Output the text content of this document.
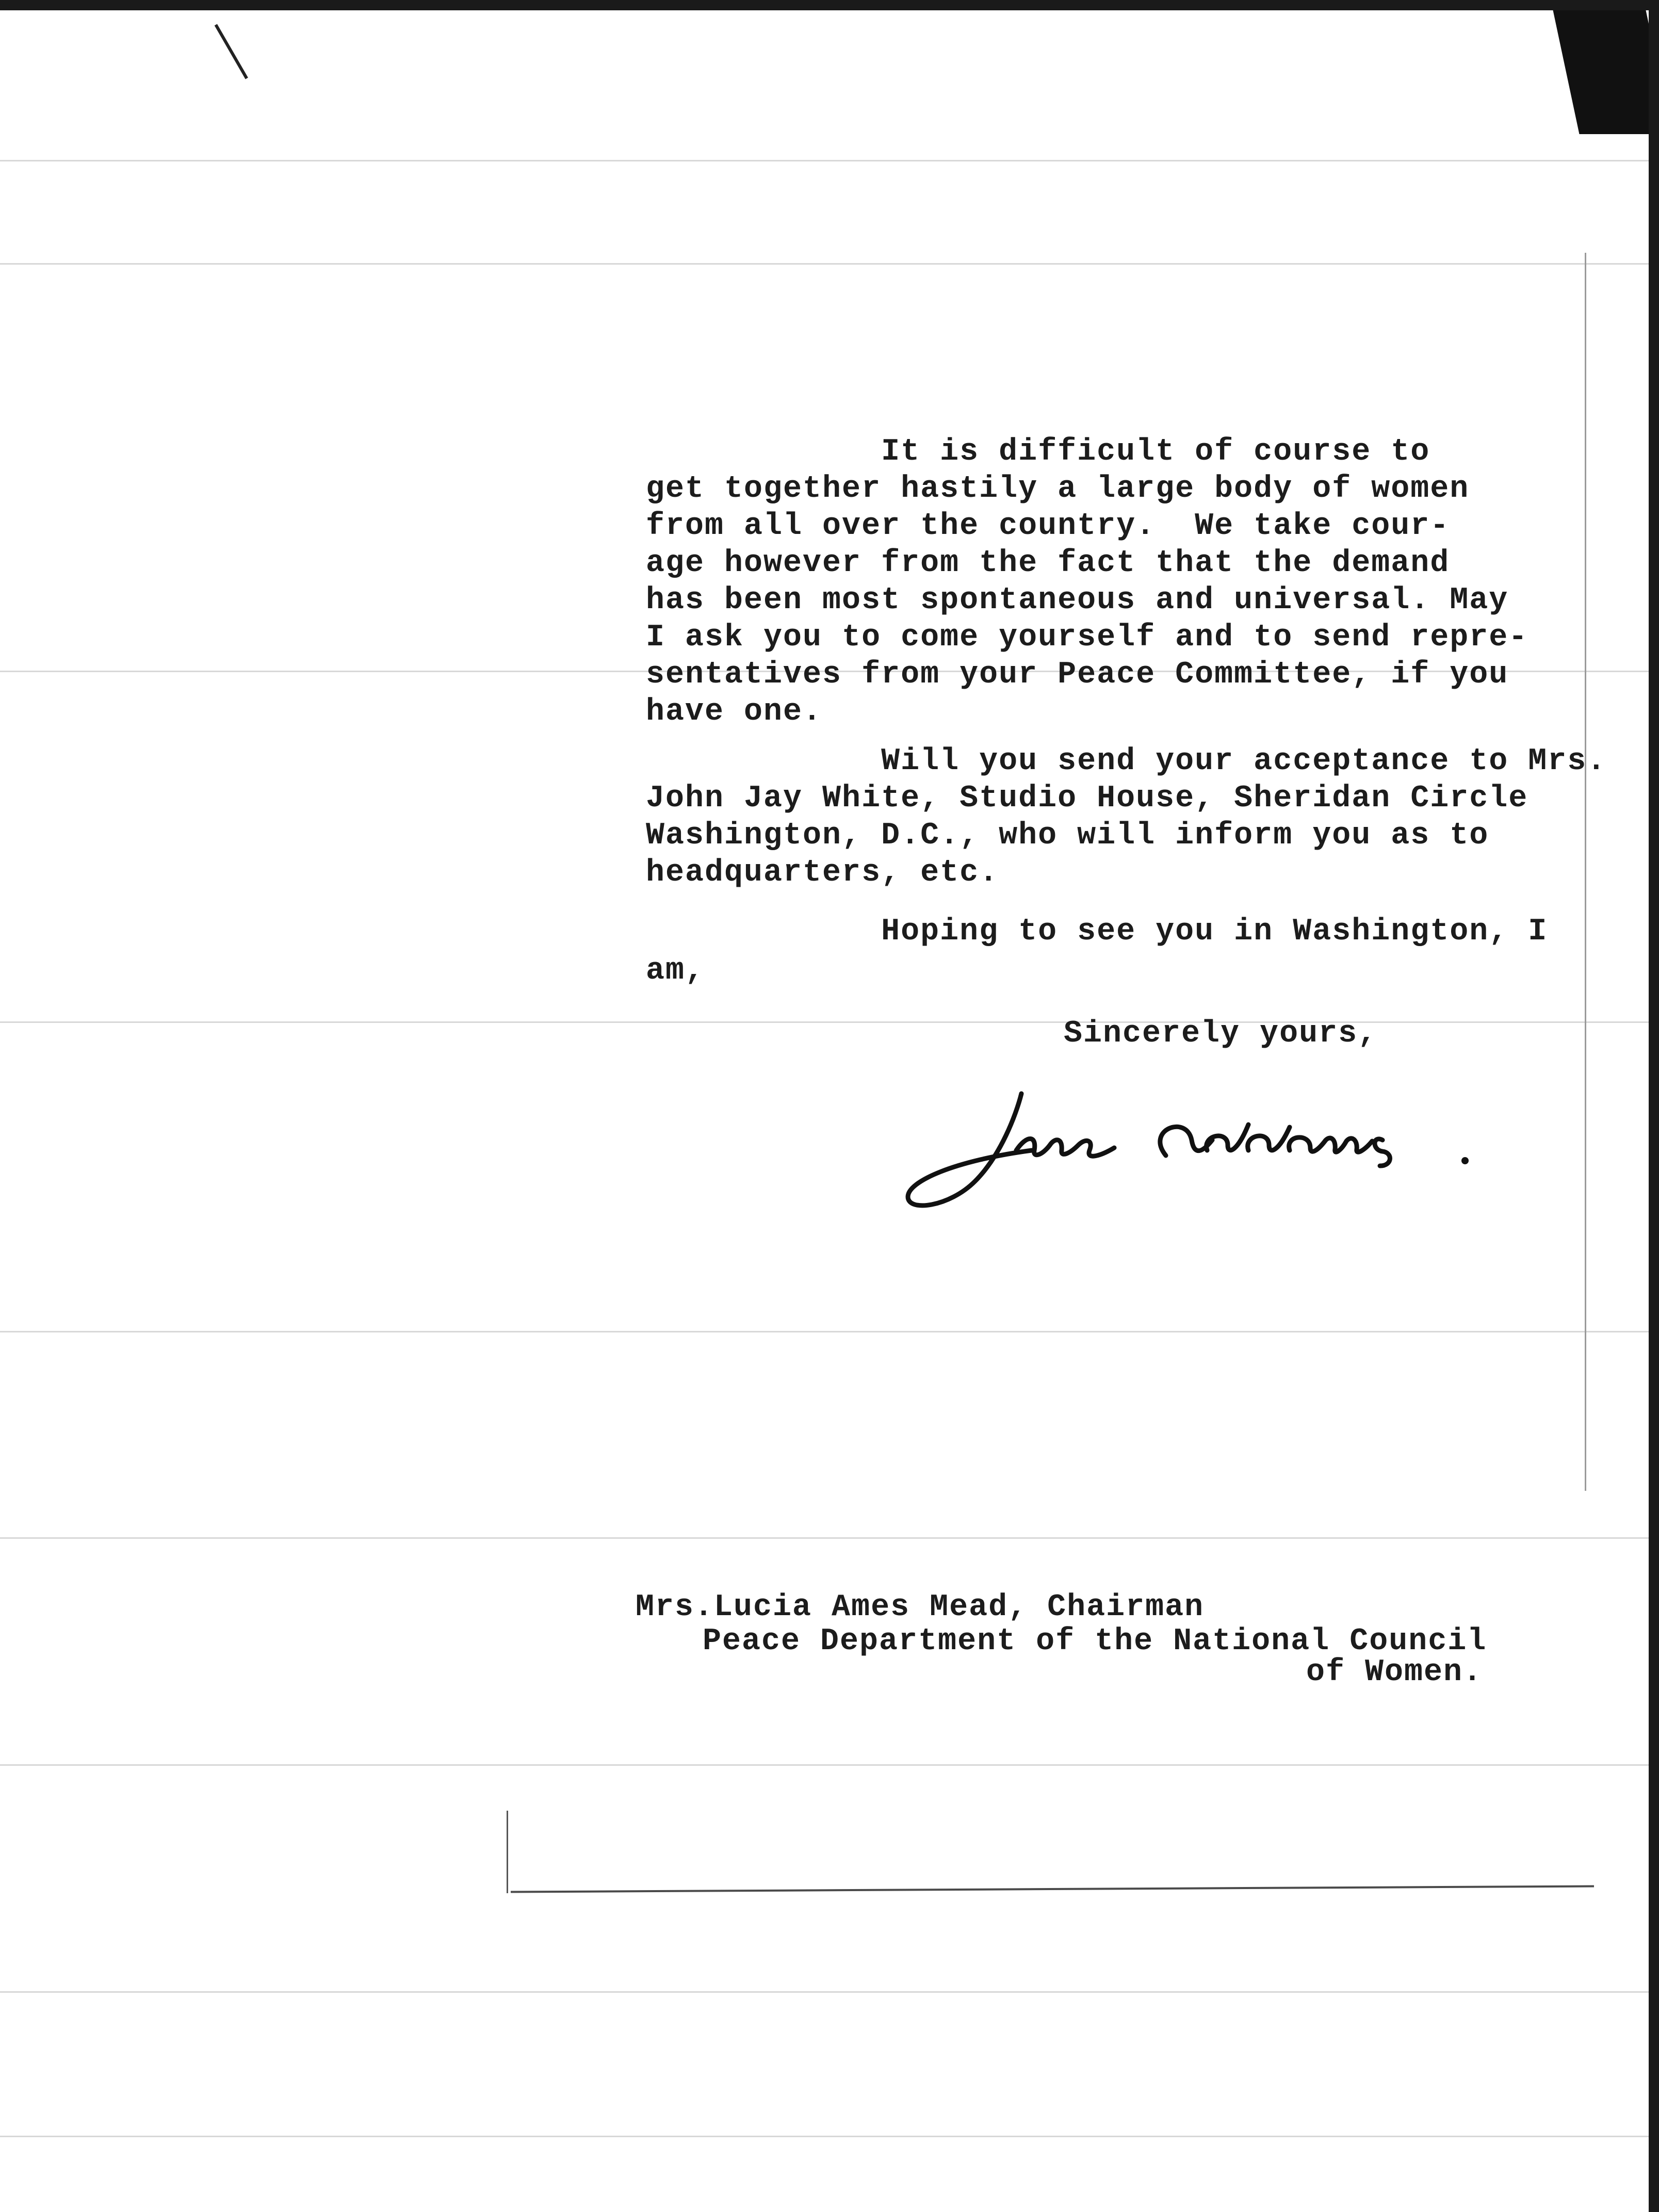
It is difficult of course to
get together hastily a large body of women
from all over the country.  We take cour-
age however from the fact that the demand
has been most spontaneous and universal. May
I ask you to come yourself and to send repre-
sentatives from your Peace Committee, if you
have one.
Will you send your acceptance to Mrs.
John Jay White, Studio House, Sheridan Circle
Washington, D.C., who will inform you as to
headquarters, etc.
Hoping to see you in Washington, I
am,
Sincerely yours,
Mrs.Lucia Ames Mead, Chairman
Peace Department of the National Council
of Women.
